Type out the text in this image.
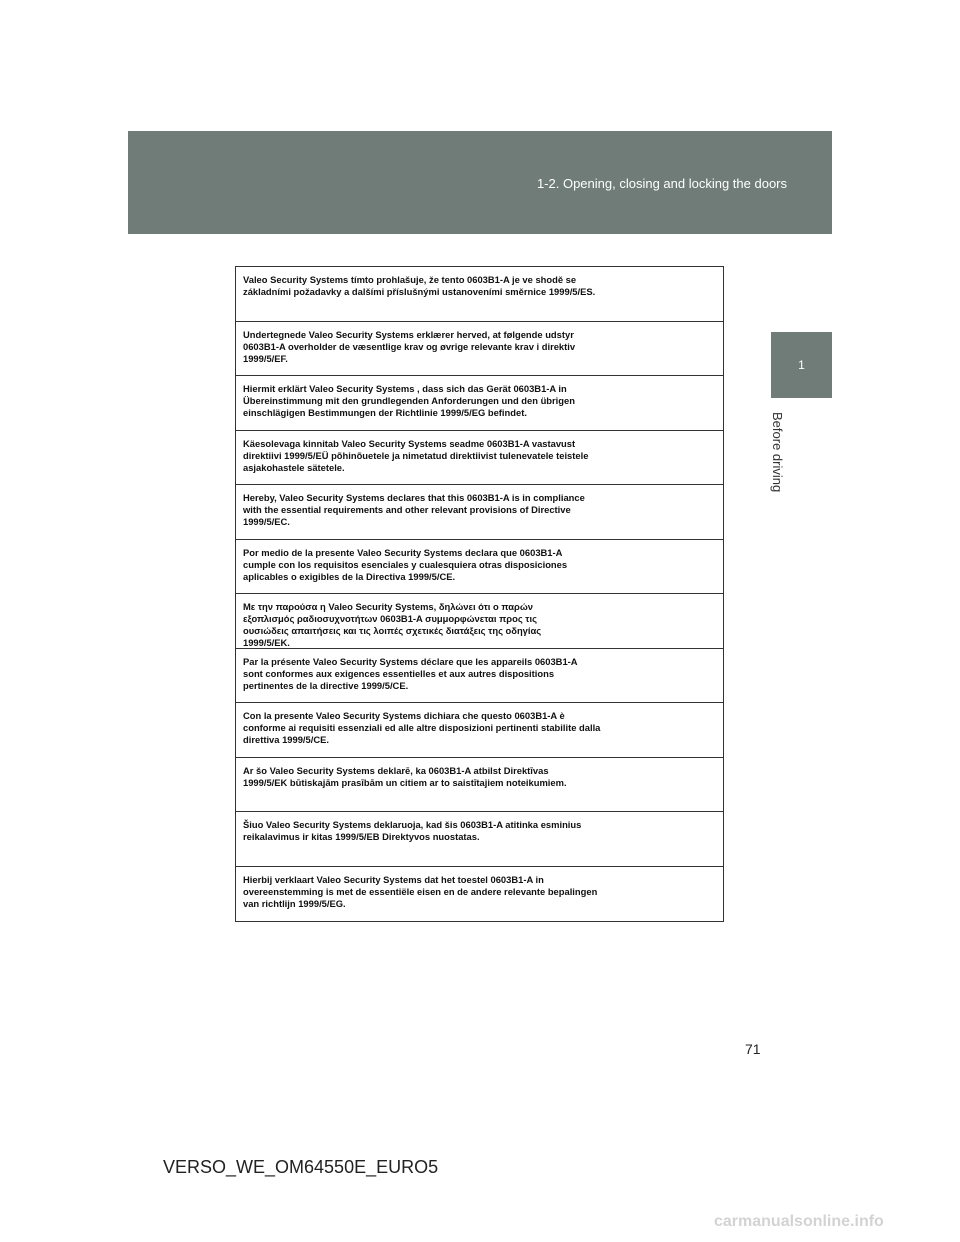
1-2. Opening, closing and locking the doors
1
Before driving
Valeo Security Systems tímto prohlašuje, že tento 0603B1-A je ve shodě se
základními požadavky a dalšími příslušnými ustanoveními směrnice 1999/5/ES.
Undertegnede Valeo Security Systems erklærer herved, at følgende udstyr
0603B1-A overholder de væsentlige krav og øvrige relevante krav i direktiv
1999/5/EF.
Hiermit erklärt Valeo Security Systems , dass sich das Gerät 0603B1-A in
Übereinstimmung mit den grundlegenden Anforderungen und den übrigen
einschlägigen Bestimmungen der Richtlinie 1999/5/EG befindet.
Käesolevaga kinnitab Valeo Security Systems seadme 0603B1-A vastavust
direktiivi 1999/5/EÜ põhinõuetele ja nimetatud direktiivist tulenevatele teistele
asjakohastele sätetele.
Hereby, Valeo Security Systems declares that this 0603B1-A is in compliance
with the essential requirements and other relevant provisions of Directive
1999/5/EC.
Por medio de la presente Valeo Security Systems declara que 0603B1-A
cumple con los requisitos esenciales y cualesquiera otras disposiciones
aplicables o exigibles de la Directiva 1999/5/CE.
Με την παρούσα η Valeo Security Systems, δηλώνει ότι ο παρών
εξοπλισμός ραδιοσυχνοτήτων 0603B1-A συμμορφώνεται προς τις
ουσιώδεις απαιτήσεις και τις λοιπές σχετικές διατάξεις της οδηγίας
1999/5/EK.
Par la présente Valeo Security Systems déclare que les appareils 0603B1-A
sont conformes aux exigences essentielles et aux autres dispositions
pertinentes de la directive 1999/5/CE.
Con la presente Valeo Security Systems dichiara che questo 0603B1-A è
conforme ai requisiti essenziali ed alle altre disposizioni pertinenti stabilite dalla
direttiva 1999/5/CE.
Ar šo Valeo Security Systems deklarē, ka 0603B1-A atbilst Direktīvas
1999/5/EK būtiskajām prasībām un citiem ar to saistītajiem noteikumiem.
Šiuo Valeo Security Systems deklaruoja, kad šis 0603B1-A atitinka esminius
reikalavimus ir kitas 1999/5/EB Direktyvos nuostatas.
Hierbij verklaart Valeo Security Systems dat het toestel 0603B1-A in
overeenstemming is met de essentiële eisen en de andere relevante bepalingen
van richtlijn 1999/5/EG.
71
VERSO_WE_OM64550E_EURO5
carmanualsonline.info
